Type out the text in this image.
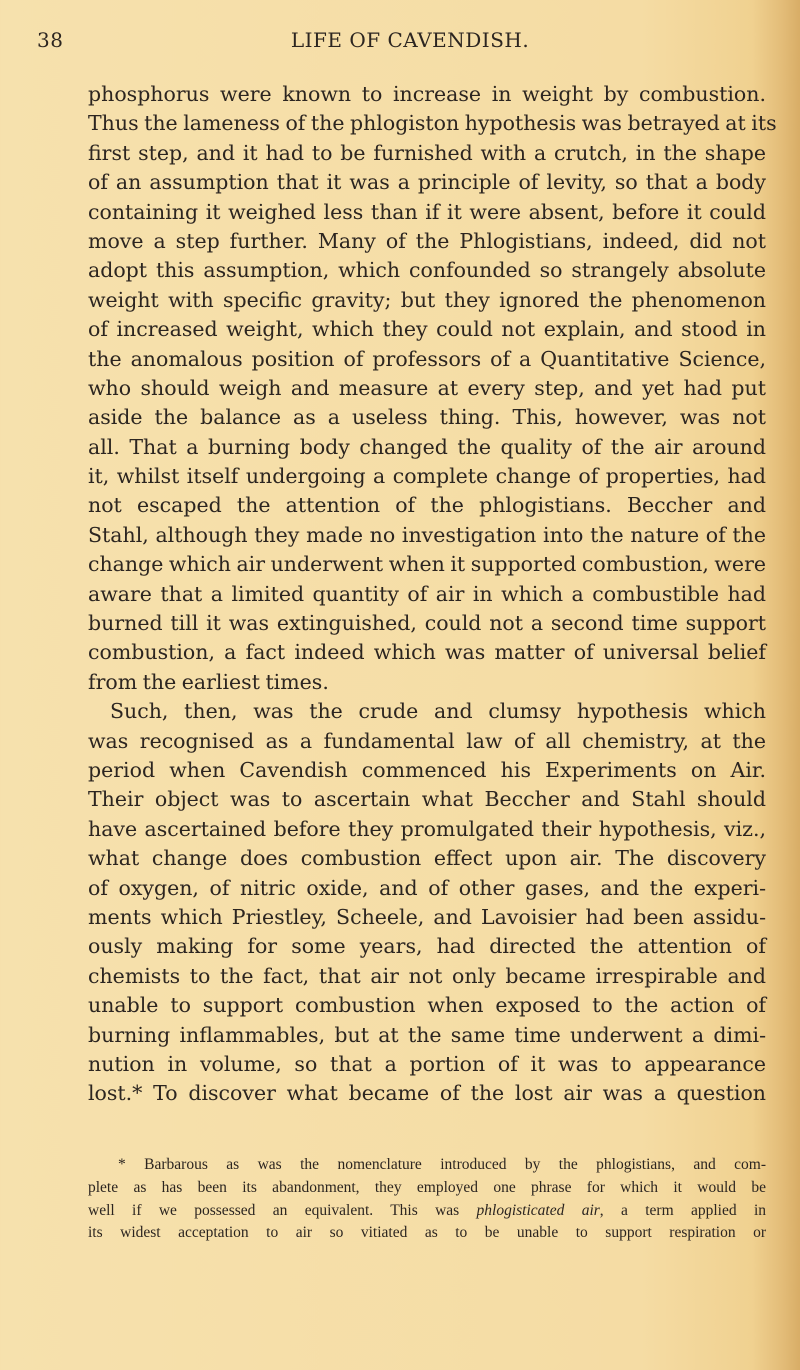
38	LIFE OF CAVENDISH.
phosphorus were known to increase in weight by combustion.
Thus the lameness of the phlogiston hypothesis was betrayed at its
first step, and it had to be furnished with a crutch, in the shape
of an assumption that it was a principle of levity, so that a body
containing it weighed less than if it were absent, before it could
move a step further. Many of the Phlogistians, indeed, did not
adopt this assumption, which confounded so strangely absolute
weight with specific gravity; but they ignored the phenomenon
of increased weight, which they could not explain, and stood in
the anomalous position of professors of a Quantitative Science,
who should weigh and measure at every step, and yet had put
aside the balance as a useless thing. This, however, was not
all. That a burning body changed the quality of the air around
it, whilst itself undergoing a complete change of properties, had
not escaped the attention of the phlogistians. Beccher and
Stahl, although they made no investigation into the nature of the
change which air underwent when it supported combustion, were
aware that a limited quantity of air in which a combustible had
burned till it was extinguished, could not a second time support
combustion, a fact indeed which was matter of universal belief
from the earliest times.
Such, then, was the crude and clumsy hypothesis which
was recognised as a fundamental law of all chemistry, at the
period when Cavendish commenced his Experiments on Air.
Their object was to ascertain what Beccher and Stahl should
have ascertained before they promulgated their hypothesis, viz.,
what change does combustion effect upon air. The discovery
of oxygen, of nitric oxide, and of other gases, and the experi-
ments which Priestley, Scheele, and Lavoisier had been assidu-
ously making for some years, had directed the attention of
chemists to the fact, that air not only became irrespirable and
unable to support combustion when exposed to the action of
burning inflammables, but at the same time underwent a dimi-
nution in volume, so that a portion of it was to appearance
lost.* To discover what became of the lost air was a question
* Barbarous as was the nomenclature introduced by the phlogistians, and com-
plete as has been its abandonment, they employed one phrase for which it would be
well if we possessed an equivalent. This was phlogisticated air, a term applied in
its widest acceptation to air so vitiated as to be unable to support respiration or
